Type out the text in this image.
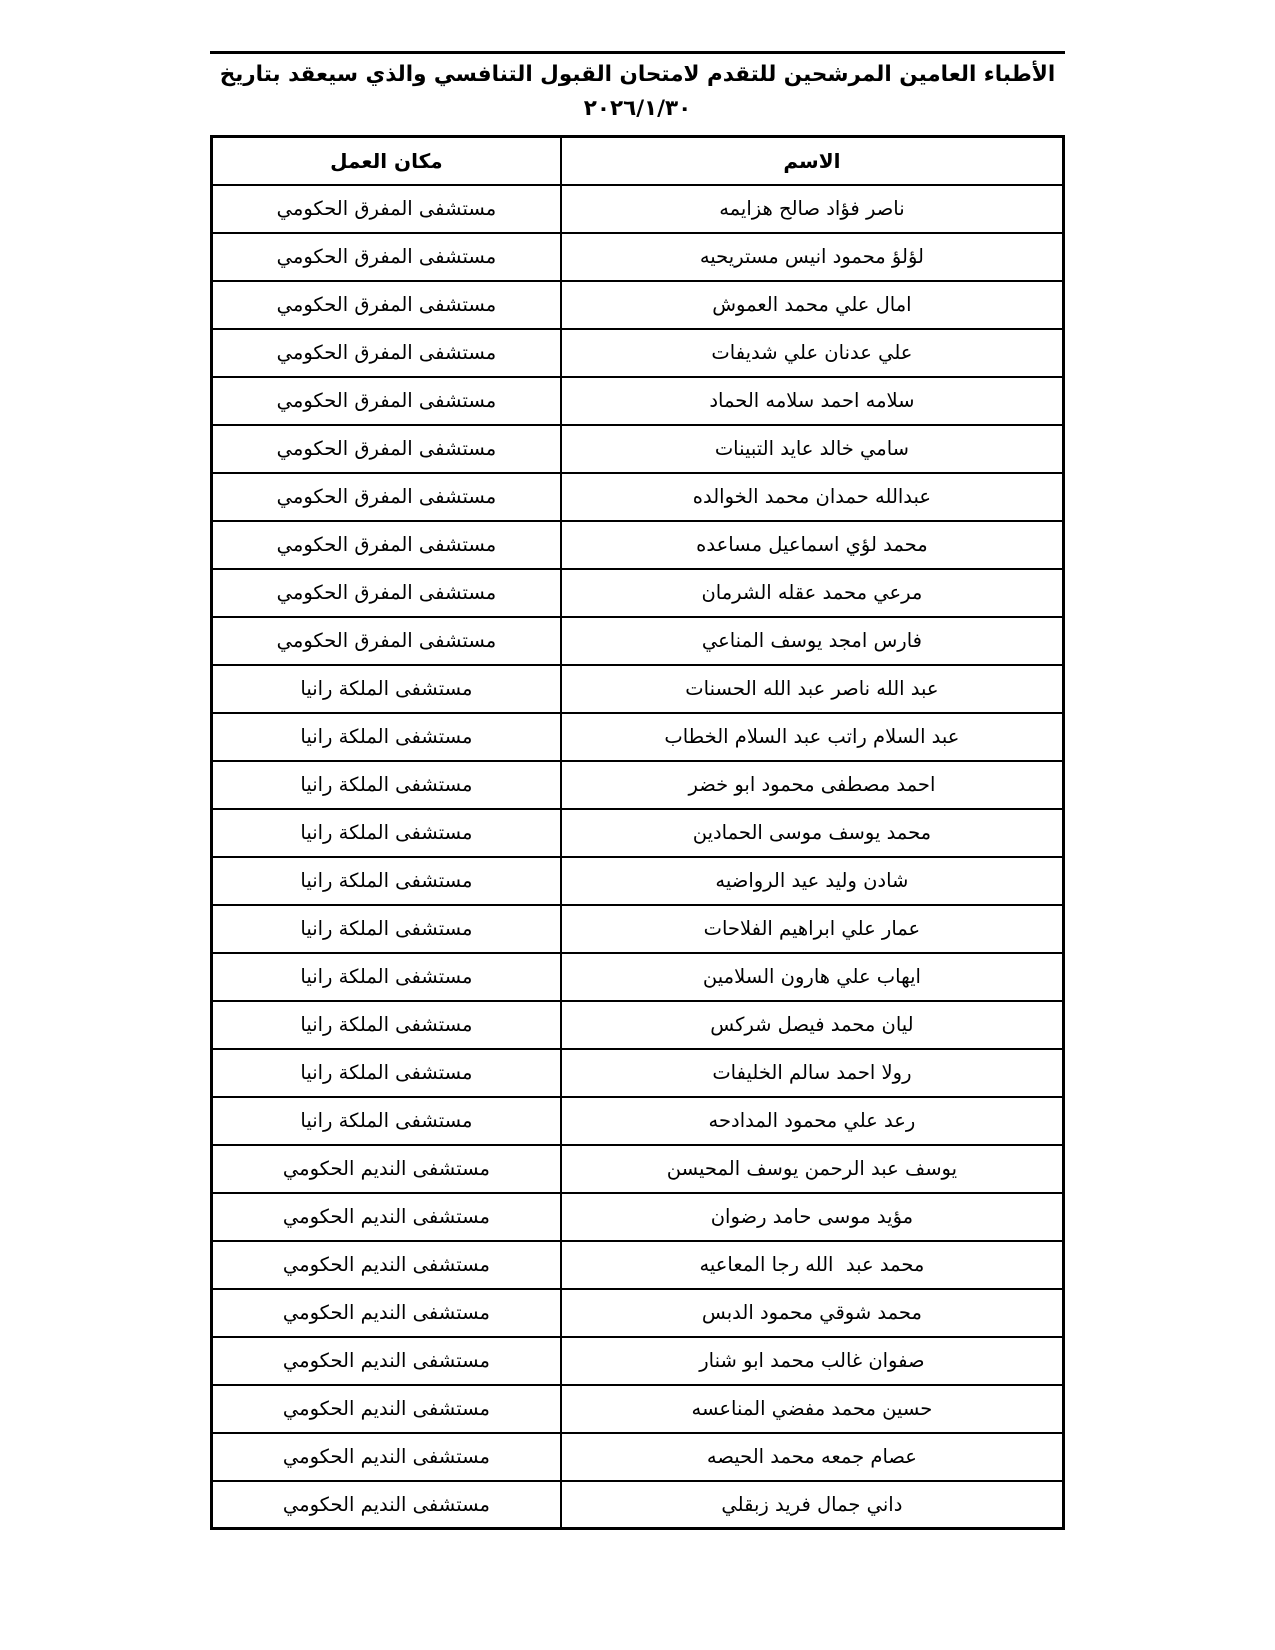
الأطباء العامين المرشحين للتقدم لامتحان القبول التنافسي والذي سيعقد بتاريخ
٢٠٢٦/١/٣٠
الاسم	مكان العمل
ناصر فؤاد صالح هزايمه	مستشفى المفرق الحكومي
لؤلؤ محمود انيس مستريحيه	مستشفى المفرق الحكومي
امال علي محمد العموش	مستشفى المفرق الحكومي
علي عدنان علي شديفات	مستشفى المفرق الحكومي
سلامه احمد سلامه الحماد	مستشفى المفرق الحكومي
سامي خالد عايد التبينات	مستشفى المفرق الحكومي
عبدالله حمدان محمد الخوالده	مستشفى المفرق الحكومي
محمد لؤي اسماعيل مساعده	مستشفى المفرق الحكومي
مرعي محمد عقله الشرمان	مستشفى المفرق الحكومي
فارس امجد يوسف المناعي	مستشفى المفرق الحكومي
عبد الله ناصر عبد الله الحسنات	مستشفى الملكة رانيا
عبد السلام راتب عبد السلام الخطاب	مستشفى الملكة رانيا
احمد مصطفى محمود ابو خضر	مستشفى الملكة رانيا
محمد يوسف موسى الحمادين	مستشفى الملكة رانيا
شادن وليد عيد الرواضيه	مستشفى الملكة رانيا
عمار علي ابراهيم الفلاحات	مستشفى الملكة رانيا
ايهاب علي هارون السلامين	مستشفى الملكة رانيا
ليان محمد فيصل شركس	مستشفى الملكة رانيا
رولا احمد سالم الخليفات	مستشفى الملكة رانيا
رعد علي محمود المدادحه	مستشفى الملكة رانيا
يوسف عبد الرحمن يوسف المحيسن	مستشفى النديم الحكومي
مؤيد موسى حامد رضوان	مستشفى النديم الحكومي
محمد عبد  الله رجا المعاعيه	مستشفى النديم الحكومي
محمد شوقي محمود الدبس	مستشفى النديم الحكومي
صفوان غالب محمد ابو شنار	مستشفى النديم الحكومي
حسين محمد مفضي المناعسه	مستشفى النديم الحكومي
عصام جمعه محمد الحيصه	مستشفى النديم الحكومي
داني جمال فريد زبقلي	مستشفى النديم الحكومي
